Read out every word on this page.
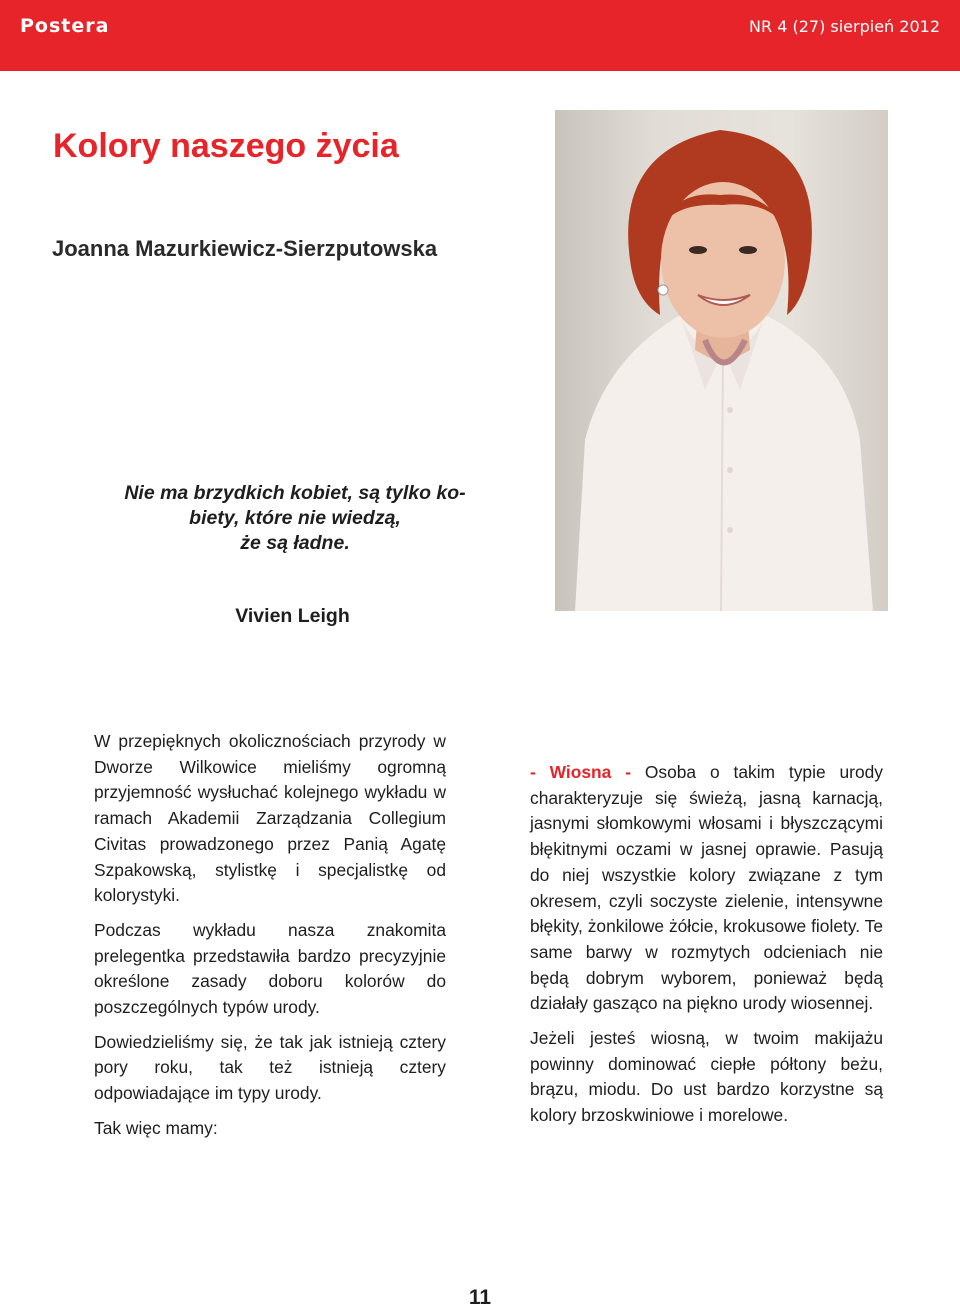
Postera	NR 4 (27) sierpień 2012
Kolory naszego życia
Joanna Mazurkiewicz-Sierzputowska
Nie ma brzydkich kobiet, są tylko ko-
biety, które nie wiedzą,
że są ładne.
Vivien Leigh

W przepięknych okolicznościach przyrody w Dworze Wilkowice mieliśmy ogromną przyjemność wysłuchać kolejnego wykładu w ramach Akademii Zarządzania Collegium Civitas prowadzonego przez Panią Agatę Szpakowską, stylistkę i specjalistkę od kolorystyki.

Podczas wykładu nasza znakomita prelegentka przedstawiła bardzo precyzyjnie określone zasady doboru kolorów do poszczególnych typów urody.

Dowiedzieliśmy się, że tak jak istnieją cztery pory roku, tak też istnieją cztery odpowiadające im typy urody.

Tak więc mamy:

- Wiosna - Osoba o takim typie urody charakteryzuje się świeżą, jasną karnacją, jasnymi słomkowymi włosami i błyszczącymi błękitnymi oczami w jasnej oprawie. Pasują do niej wszystkie kolory związane z tym okresem, czyli soczyste zielenie, intensywne błękity, żonkilowe żółcie, krokusowe fiolety. Te same barwy w rozmytych odcieniach nie będą dobrym wyborem, ponieważ będą działały gasząco na piękno urody wiosennej.

Jeżeli jesteś wiosną, w twoim makijażu powinny dominować ciepłe półtony beżu, brązu, miodu. Do ust bardzo korzystne są kolory brzoskwiniowe i morelowe.

11
